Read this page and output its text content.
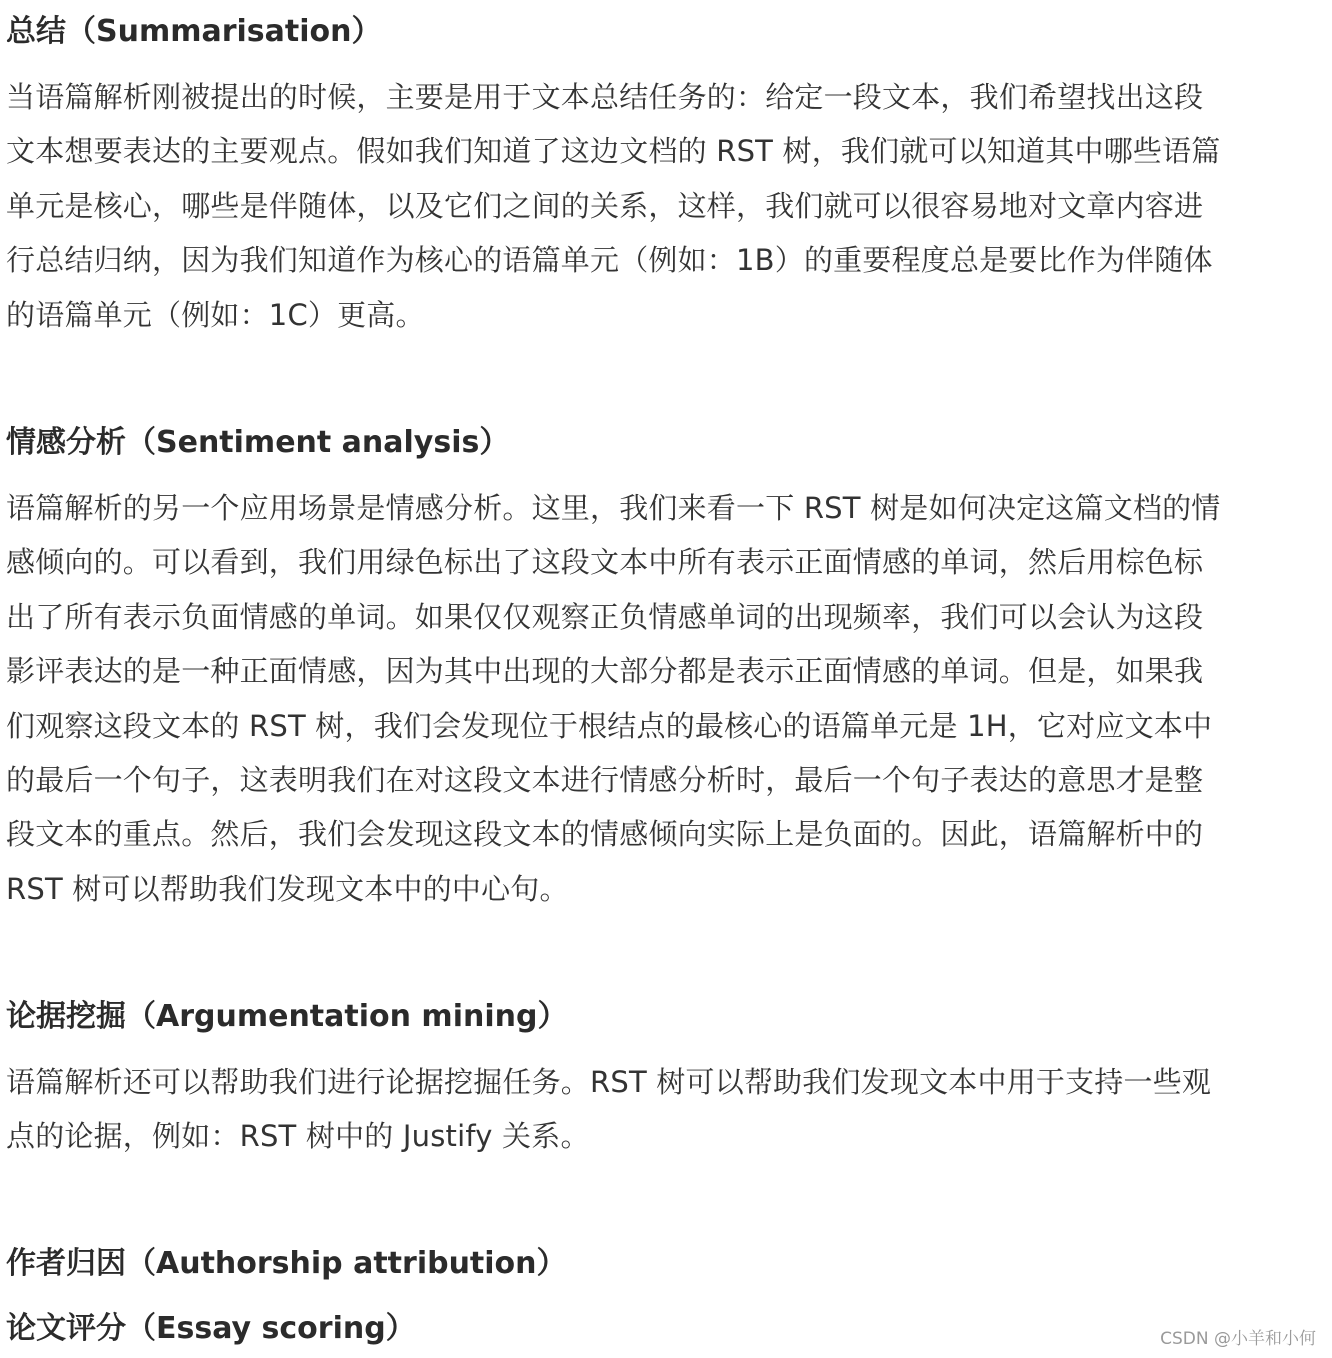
总结（Summarisation）

当语篇解析刚被提出的时候，主要是用于文本总结任务的：给定一段文本，我们希望找出这段
文本想要表达的主要观点。假如我们知道了这边文档的 RST 树，我们就可以知道其中哪些语篇
单元是核心，哪些是伴随体，以及它们之间的关系，这样，我们就可以很容易地对文章内容进
行总结归纳，因为我们知道作为核心的语篇单元（例如：1B）的重要程度总是要比作为伴随体
的语篇单元（例如：1C）更高。

情感分析（Sentiment analysis）

语篇解析的另一个应用场景是情感分析。这里，我们来看一下 RST 树是如何决定这篇文档的情
感倾向的。可以看到，我们用绿色标出了这段文本中所有表示正面情感的单词，然后用棕色标
出了所有表示负面情感的单词。如果仅仅观察正负情感单词的出现频率，我们可以会认为这段
影评表达的是一种正面情感，因为其中出现的大部分都是表示正面情感的单词。但是，如果我
们观察这段文本的 RST 树，我们会发现位于根结点的最核心的语篇单元是 1H，它对应文本中
的最后一个句子，这表明我们在对这段文本进行情感分析时，最后一个句子表达的意思才是整
段文本的重点。然后，我们会发现这段文本的情感倾向实际上是负面的。因此，语篇解析中的
RST 树可以帮助我们发现文本中的中心句。

论据挖掘（Argumentation mining）

语篇解析还可以帮助我们进行论据挖掘任务。RST 树可以帮助我们发现文本中用于支持一些观
点的论据，例如：RST 树中的 Justify 关系。

作者归因（Authorship attribution）
论文评分（Essay scoring）	CSDN @小羊和小何
